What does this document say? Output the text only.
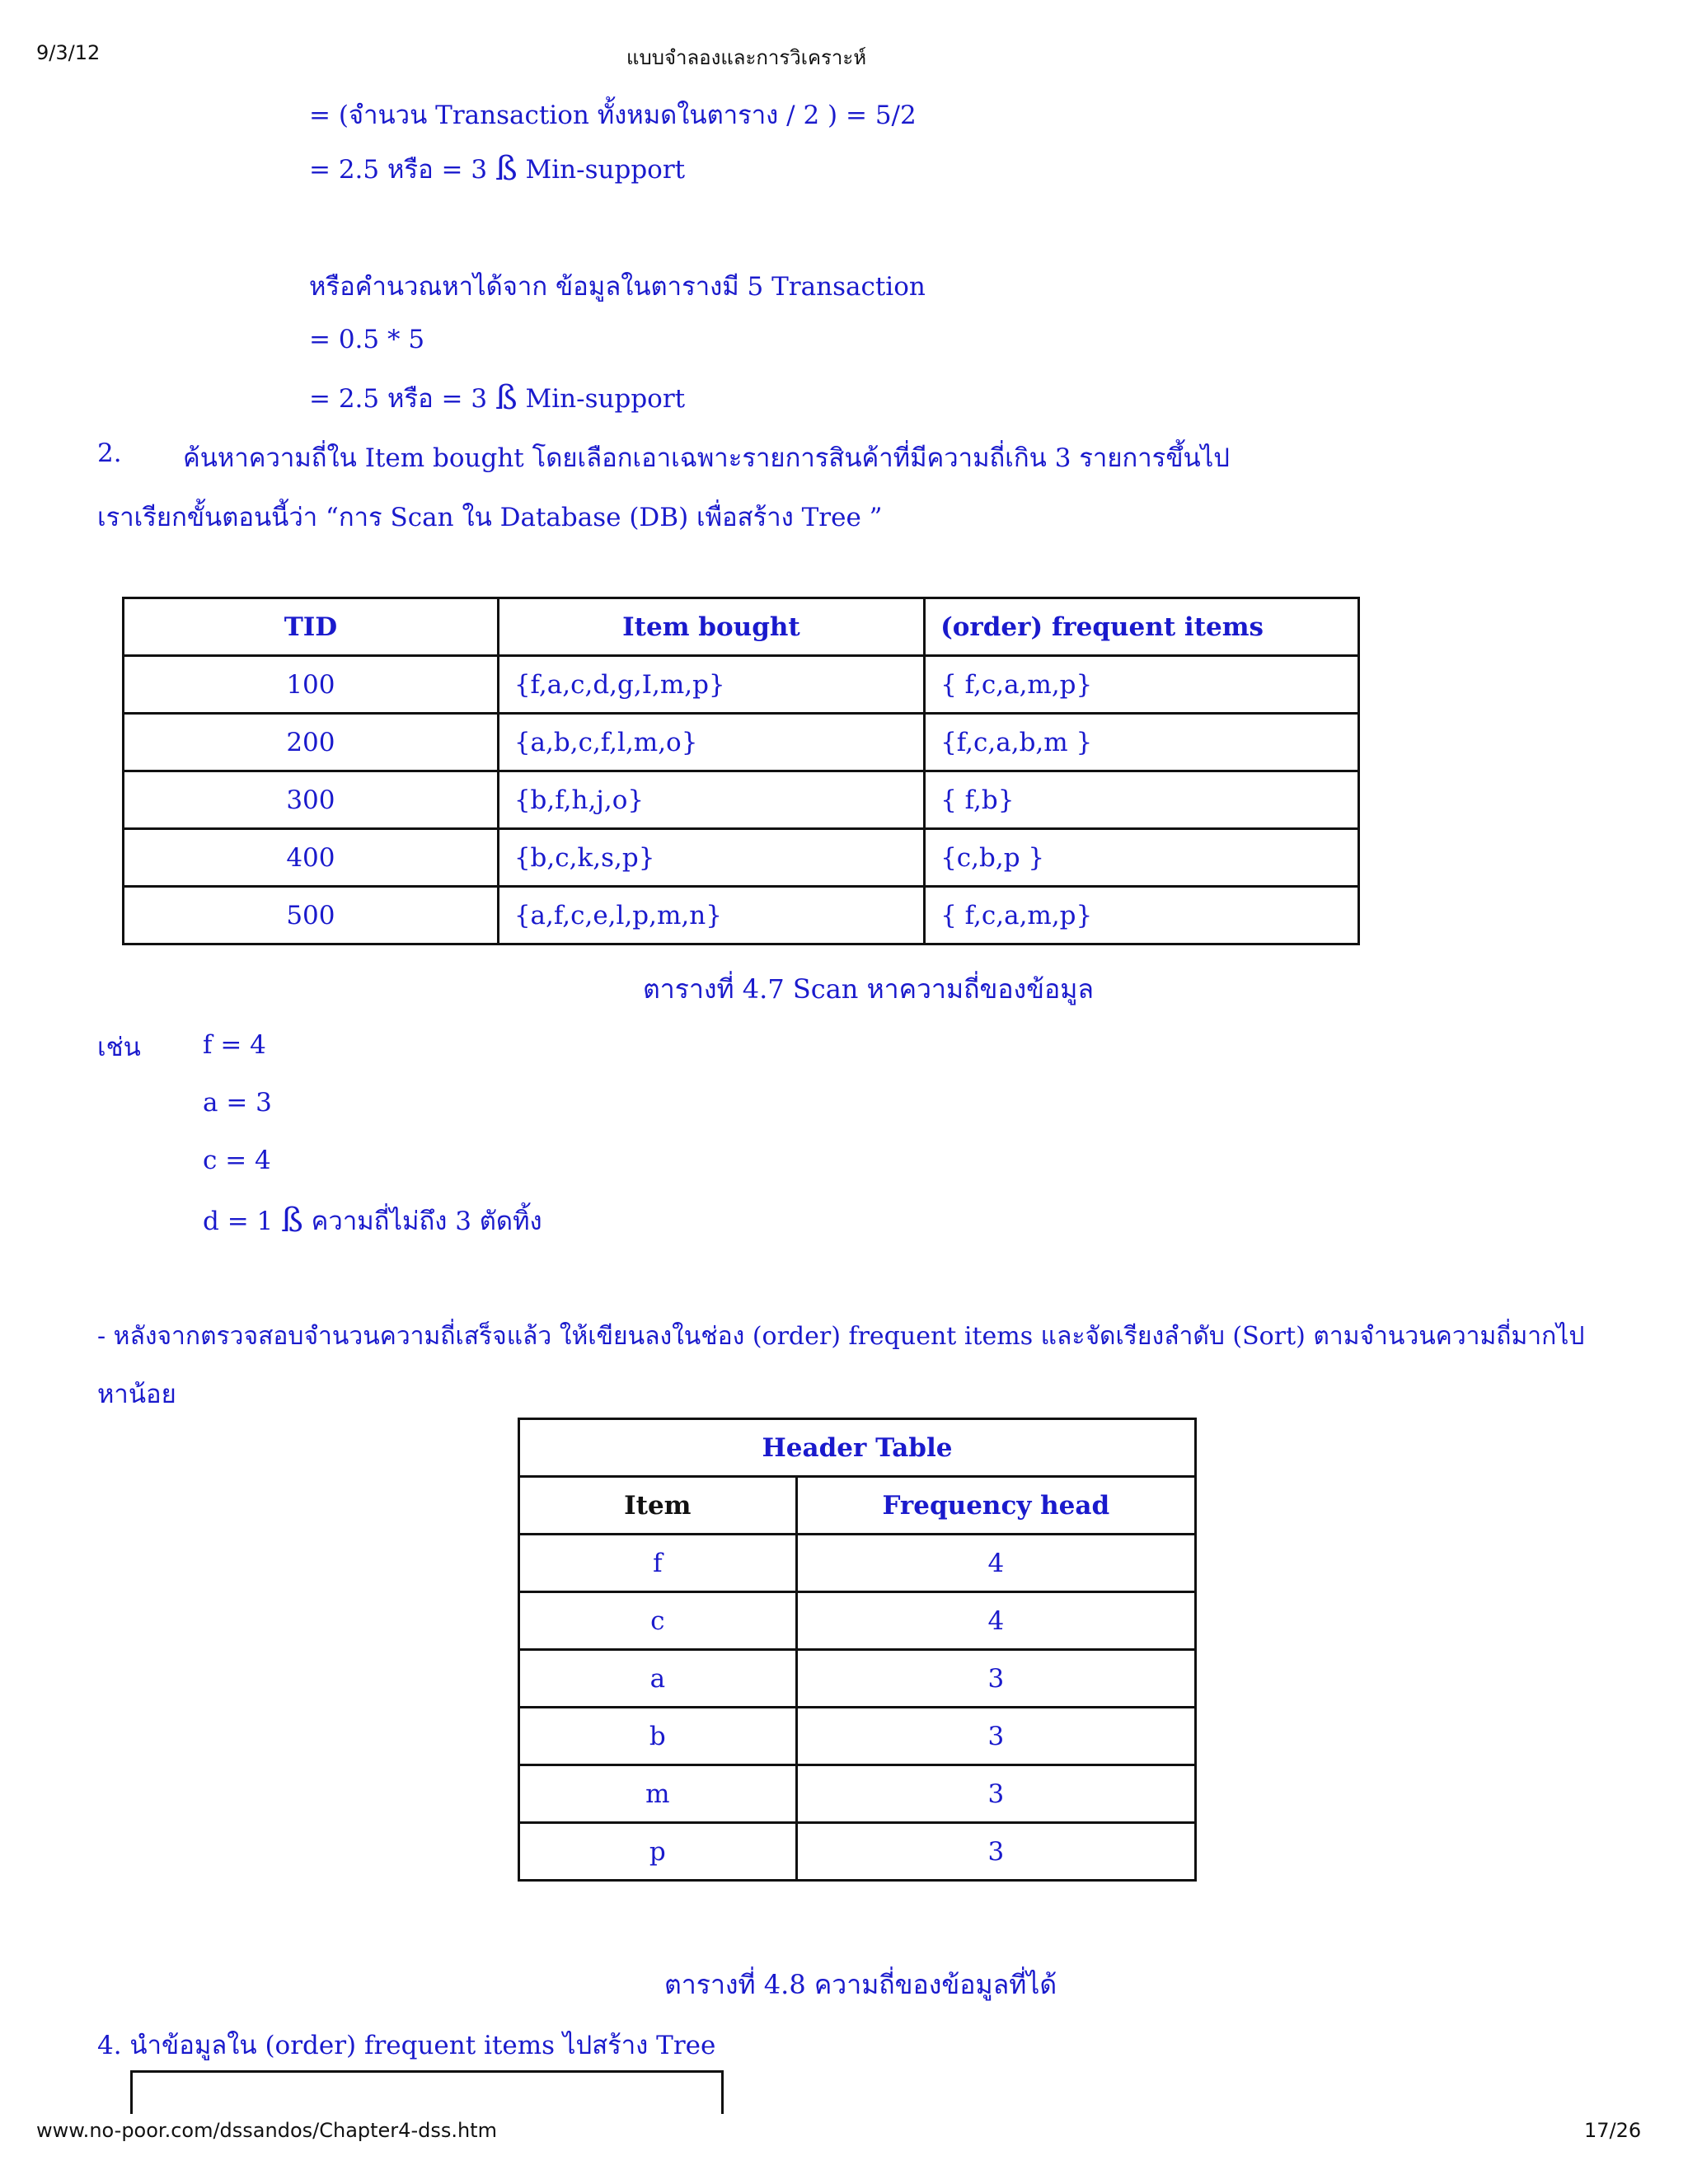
9/3/12	แบบจำลองและการวิเคราะห์
= (จำนวน Transaction ทั้งหมดในตาราง / 2 ) = 5/2
= 2.5 หรือ = 3 ß Min-support
หรือคำนวณหาได้จาก ข้อมูลในตารางมี 5 Transaction
= 0.5 * 5
= 2.5 หรือ = 3 ß Min-support
2. ค้นหาความถี่ใน Item bought โดยเลือกเอาเฉพาะรายการสินค้าที่มีความถี่เกิน 3 รายการขึ้นไป
เราเรียกขั้นตอนนี้ว่า “การ Scan ใน Database (DB) เพื่อสร้าง Tree ”
TID	Item bought	(order) frequent items
100	{f,a,c,d,g,I,m,p}	{ f,c,a,m,p}
200	{a,b,c,f,l,m,o}	{f,c,a,b,m }
300	{b,f,h,j,o}	{ f,b}
400	{b,c,k,s,p}	{c,b,p }
500	{a,f,c,e,l,p,m,n}	{ f,c,a,m,p}
ตารางที่ 4.7 Scan หาความถี่ของข้อมูล
เช่น f = 4
a = 3
c = 4
d = 1 ß ความถี่ไม่ถึง 3 ตัดทิ้ง
- หลังจากตรวจสอบจำนวนความถี่เสร็จแล้ว ให้เขียนลงในช่อง (order) frequent items และจัดเรียงลำดับ (Sort) ตามจำนวนความถี่มากไป
หาน้อย
Header Table	
Item	Frequency head
f	4
c	4
a	3
b	3
m	3
p	3
ตารางที่ 4.8 ความถี่ของข้อมูลที่ได้
4. นำข้อมูลใน (order) frequent items ไปสร้าง Tree
www.no-poor.com/dssandos/Chapter4-dss.htm	17/26
